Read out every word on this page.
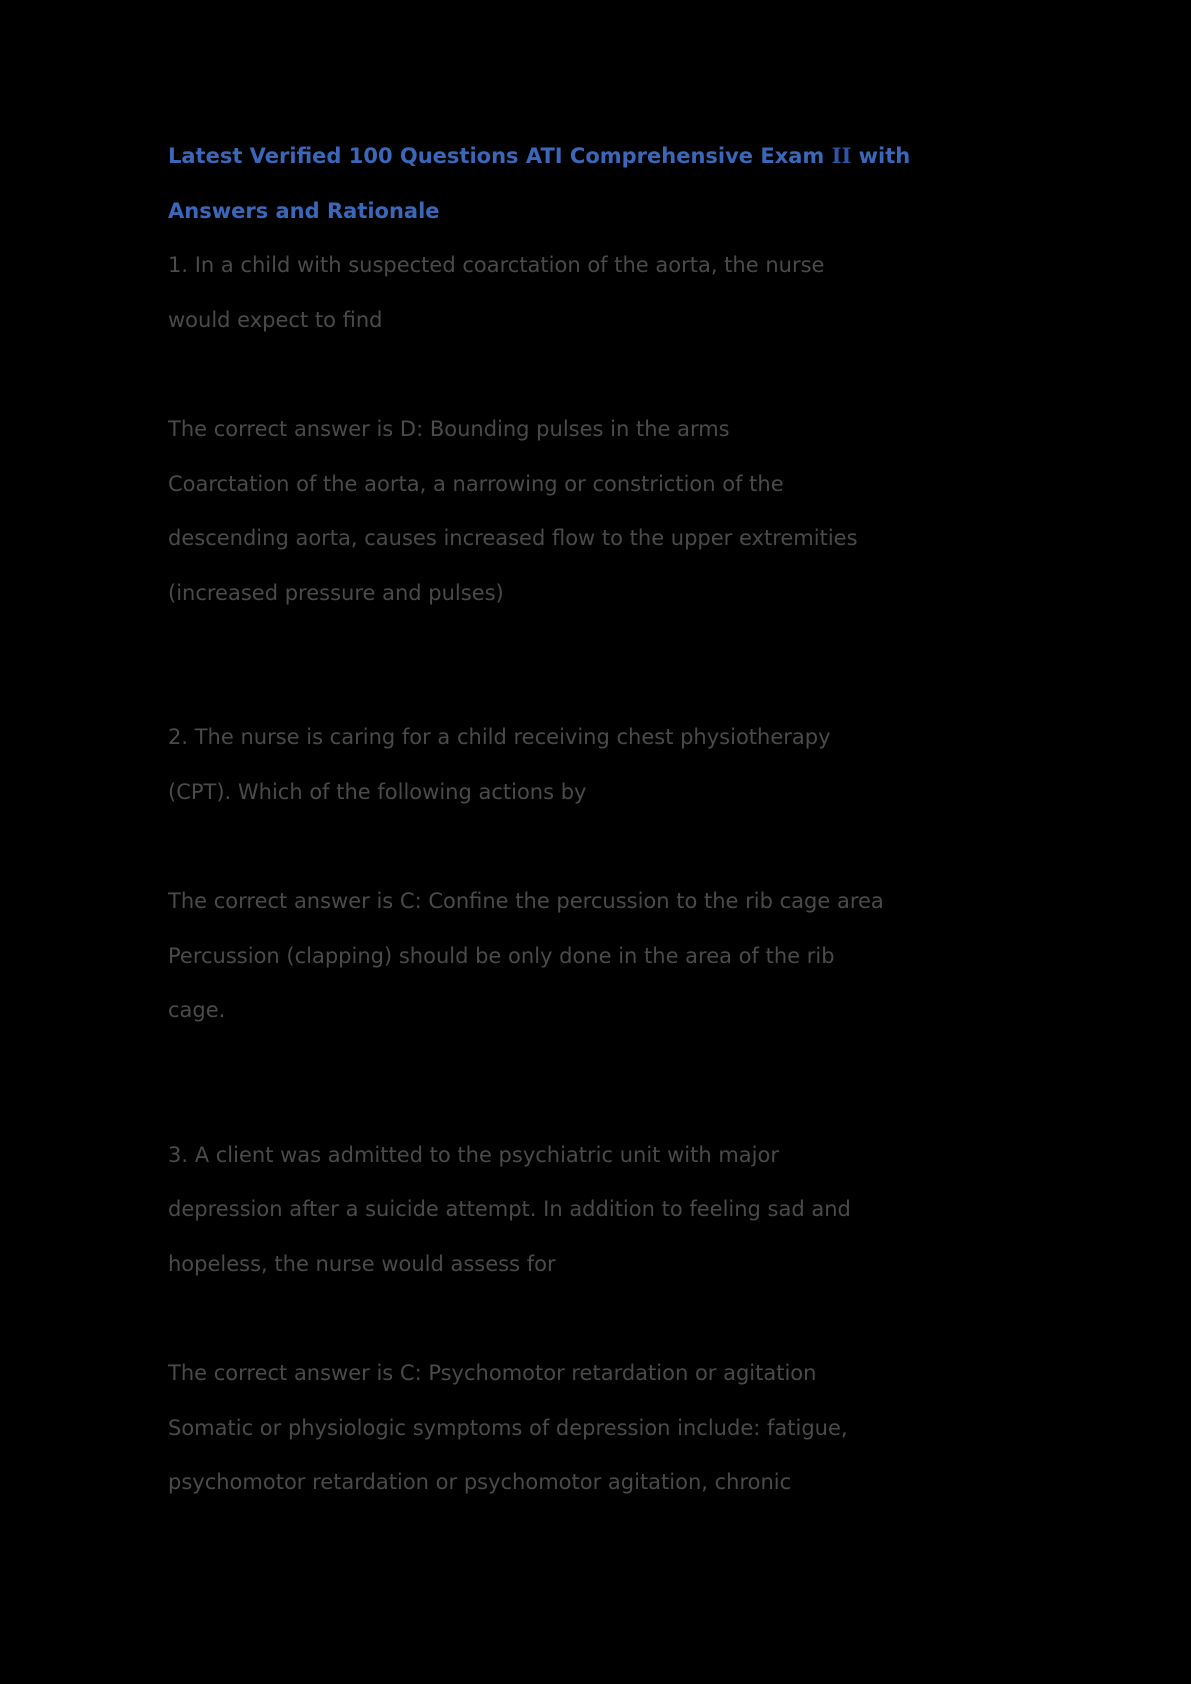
Latest Verified 100 Questions ATI Comprehensive Exam II with
Answers and Rationale
1. In a child with suspected coarctation of the aorta, the nurse
would expect to find
The correct answer is D: Bounding pulses in the arms
Coarctation of the aorta, a narrowing or constriction of the
descending aorta, causes increased flow to the upper extremities
(increased pressure and pulses)
2. The nurse is caring for a child receiving chest physiotherapy
(CPT). Which of the following actions by
The correct answer is C: Confine the percussion to the rib cage area
Percussion (clapping) should be only done in the area of the rib
cage.
3. A client was admitted to the psychiatric unit with major
depression after a suicide attempt. In addition to feeling sad and
hopeless, the nurse would assess for
The correct answer is C: Psychomotor retardation or agitation
Somatic or physiologic symptoms of depression include: fatigue,
psychomotor retardation or psychomotor agitation, chronic
